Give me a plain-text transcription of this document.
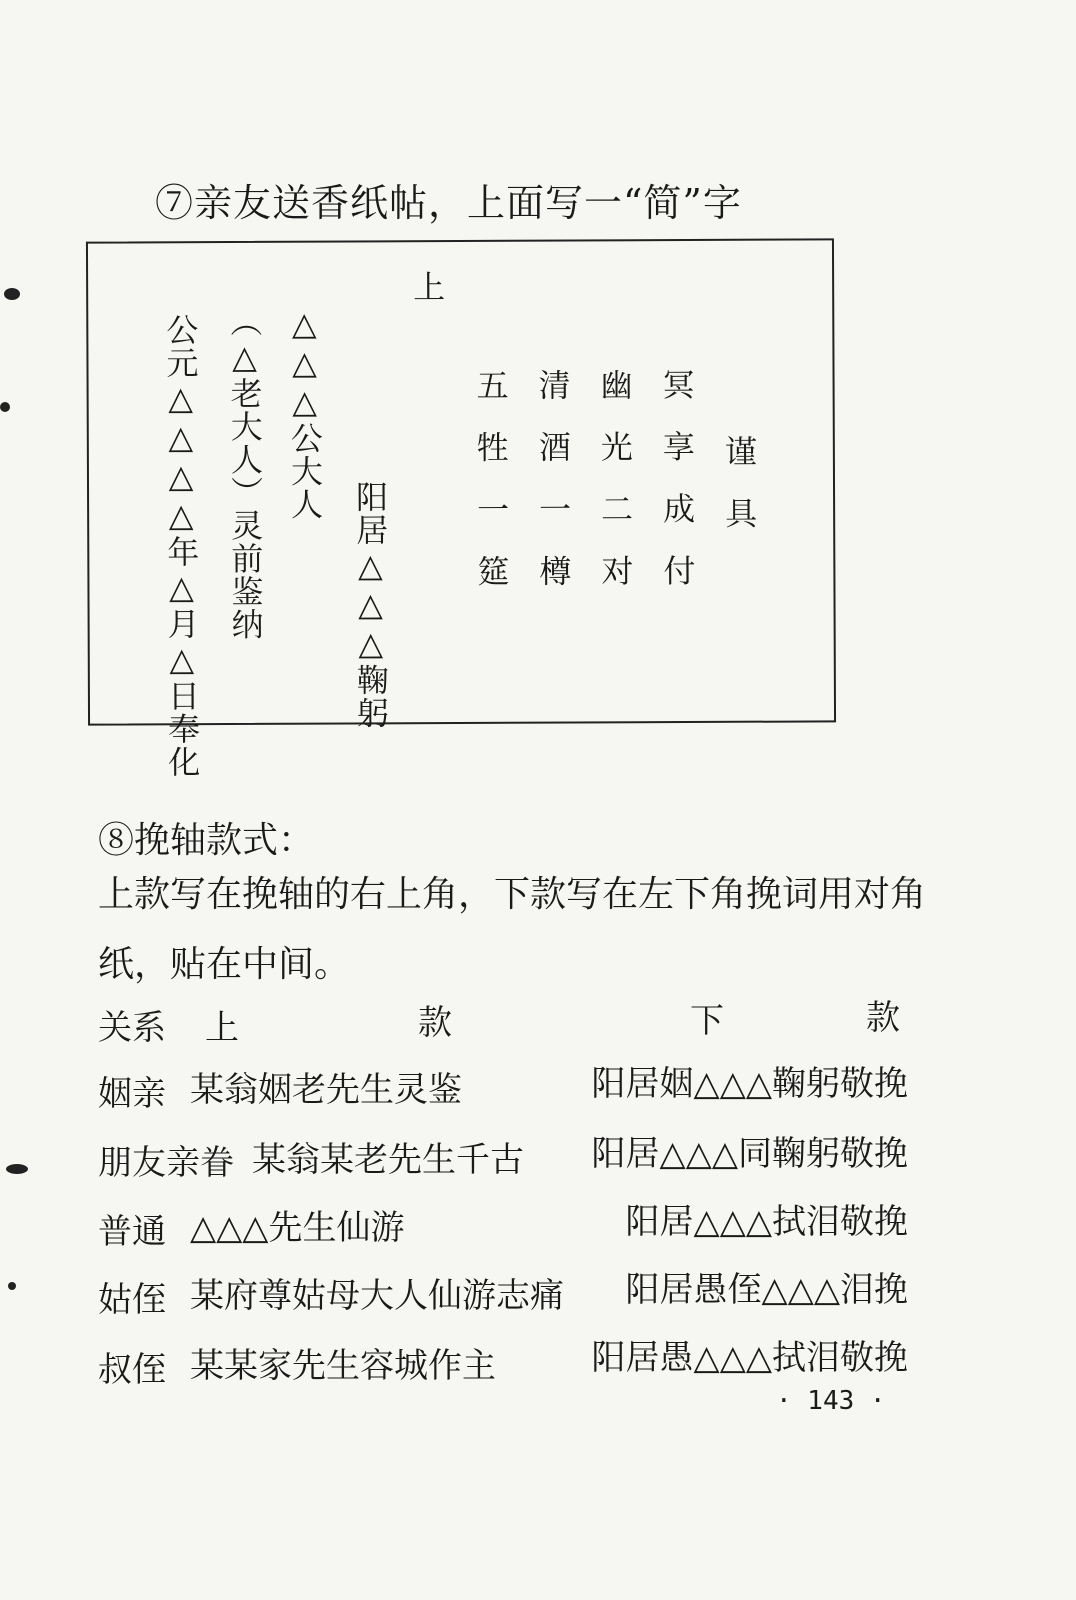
⑦亲友送香纸帖，上面写一“简”字
上
公元△△△△年△月△日奉化 （△老大人）灵前鉴纳 △△△公大人
阳居△△△鞠躬
五
牲
一
筵
清
酒
一
樽
幽
光
二
对
冥
享
成
付
谨
具
⑧挽轴款式：
上款写在挽轴的右上角，下款写在左下角挽词用对角
纸，贴在中间。
关系 上	款	下	款
姻亲 某翁姻老先生灵鉴	阳居姻△△△鞠躬敬挽
朋友亲眷 某翁某老先生千古 阳居△△△同鞠躬敬挽
普通 △△△先生仙游	阳居△△△拭泪敬挽
姑侄 某府尊姑母大人仙游志痛 阳居愚侄△△△泪挽
叔侄 某某家先生容城作主	阳居愚△△△拭泪敬挽
· 143 ·
